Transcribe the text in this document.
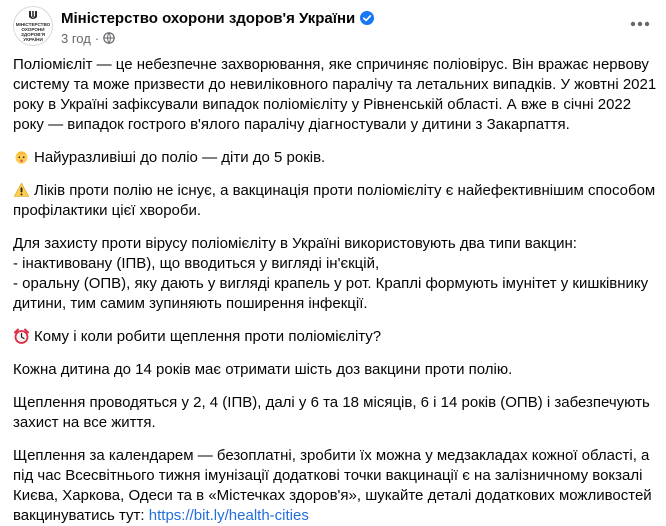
МІНІСТЕРСТВО
ОХОРОНИ
ЗДОРОВ'Я
УКРАЇНИ
Міністерство охорони здоров'я України
3 год ·

Поліомієліт — це небезпечне захворювання, яке спричиняє поліовірус. Він вражає нервову
систему та може призвести до невиліковного паралічу та летальних випадків. У жовтні 2021
року в Україні зафіксували випадок поліомієліту у Рівненській області. А вже в січні 2022
року — випадок гострого в'ялого паралічу діагностували у дитини з Закарпаття.

Найуразливіші до поліо — діти до 5 років.

Ліків проти полію не існує, а вакцинація проти поліомієліту є найефективнішим способом
профілактики цієї хвороби.

Для захисту проти вірусу поліомієліту в Україні використовують два типи вакцин:
- інактивовану (ІПВ), що вводиться у вигляді ін'єкцій,
- оральну (ОПВ), яку дають у вигляді крапель у рот. Краплі формують імунітет у кишківнику
дитини, тим самим зупиняють поширення інфекції.

Кому і коли робити щеплення проти поліомієліту?

Кожна дитина до 14 років має отримати шість доз вакцини проти полію.

Щеплення проводяться у 2, 4 (ІПВ), далі у 6 та 18 місяців, 6 і 14 років (ОПВ) і забезпечують
захист на все життя.

Щеплення за календарем — безоплатні, зробити їх можна у медзакладах кожної області, а
під час Всесвітнього тижня імунізації додаткові точки вакцинації є на залізничному вокзалі
Києва, Харкова, Одеси та в «Містечках здоров'я», шукайте деталі додаткових можливостей
вакцинуватись тут: https://bit.ly/health-cities
